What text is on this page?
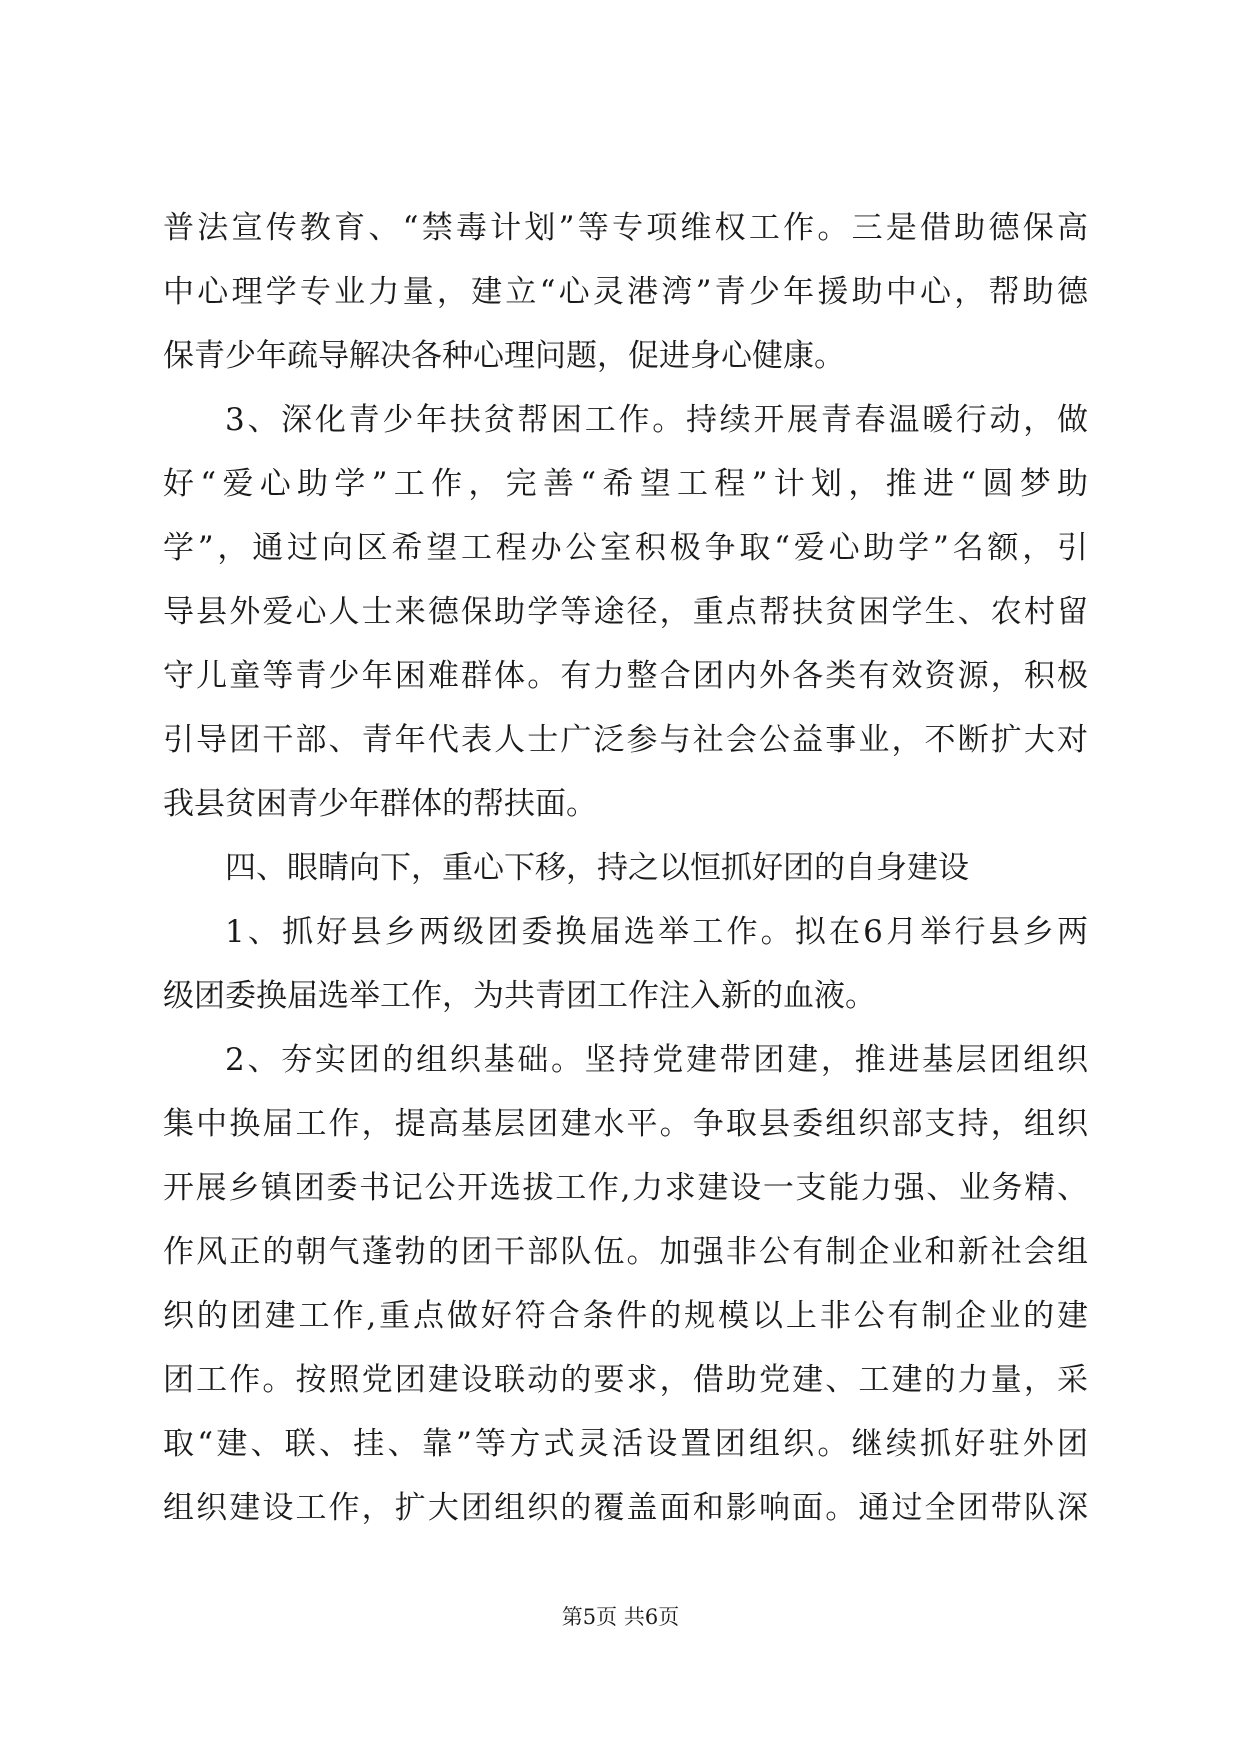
普法宣传教育、“禁毒计划”等专项维权工作。三是借助德保高
中心理学专业力量，建立“心灵港湾”青少年援助中心，帮助德
保青少年疏导解决各种心理问题，促进身心健康。
3、深化青少年扶贫帮困工作。持续开展青春温暖行动，做
好“爱心助学”工作，完善“希望工程”计划，推进“圆梦助
学”，通过向区希望工程办公室积极争取“爱心助学”名额，引
导县外爱心人士来德保助学等途径，重点帮扶贫困学生、农村留
守儿童等青少年困难群体。有力整合团内外各类有效资源，积极
引导团干部、青年代表人士广泛参与社会公益事业，不断扩大对
我县贫困青少年群体的帮扶面。
四、眼睛向下，重心下移，持之以恒抓好团的自身建设
1、抓好县乡两级团委换届选举工作。拟在6月举行县乡两
级团委换届选举工作，为共青团工作注入新的血液。
2、夯实团的组织基础。坚持党建带团建，推进基层团组织
集中换届工作，提高基层团建水平。争取县委组织部支持，组织
开展乡镇团委书记公开选拔工作,力求建设一支能力强、业务精、
作风正的朝气蓬勃的团干部队伍。加强非公有制企业和新社会组
织的团建工作,重点做好符合条件的规模以上非公有制企业的建
团工作。按照党团建设联动的要求，借助党建、工建的力量，采
取“建、联、挂、靠”等方式灵活设置团组织。继续抓好驻外团
组织建设工作，扩大团组织的覆盖面和影响面。通过全团带队深
第5页 共6页
